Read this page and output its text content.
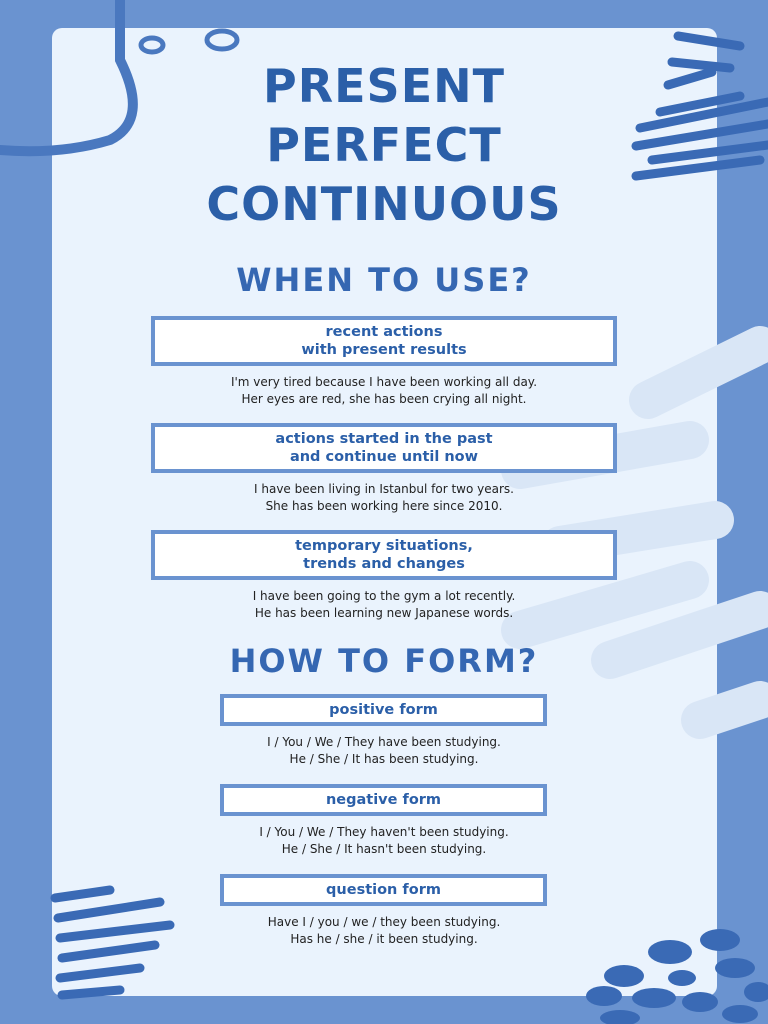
PRESENT
PERFECT
CONTINUOUS
WHEN TO USE?
recent actions
with present results
I'm very tired because I have been working all day.
Her eyes are red, she has been crying all night.
actions started in the past
and continue until now
I have been living in Istanbul for two years.
She has been working here since 2010.
temporary situations,
trends and changes
I have been going to the gym a lot recently.
He has been learning new Japanese words.
HOW TO FORM?
positive form
I / You / We / They have been studying.
He / She / It has been studying.
negative form
I / You / We / They haven't been studying.
He / She / It hasn't been studying.
question form
Have I / you / we / they been studying.
Has he / she / it been studying.
